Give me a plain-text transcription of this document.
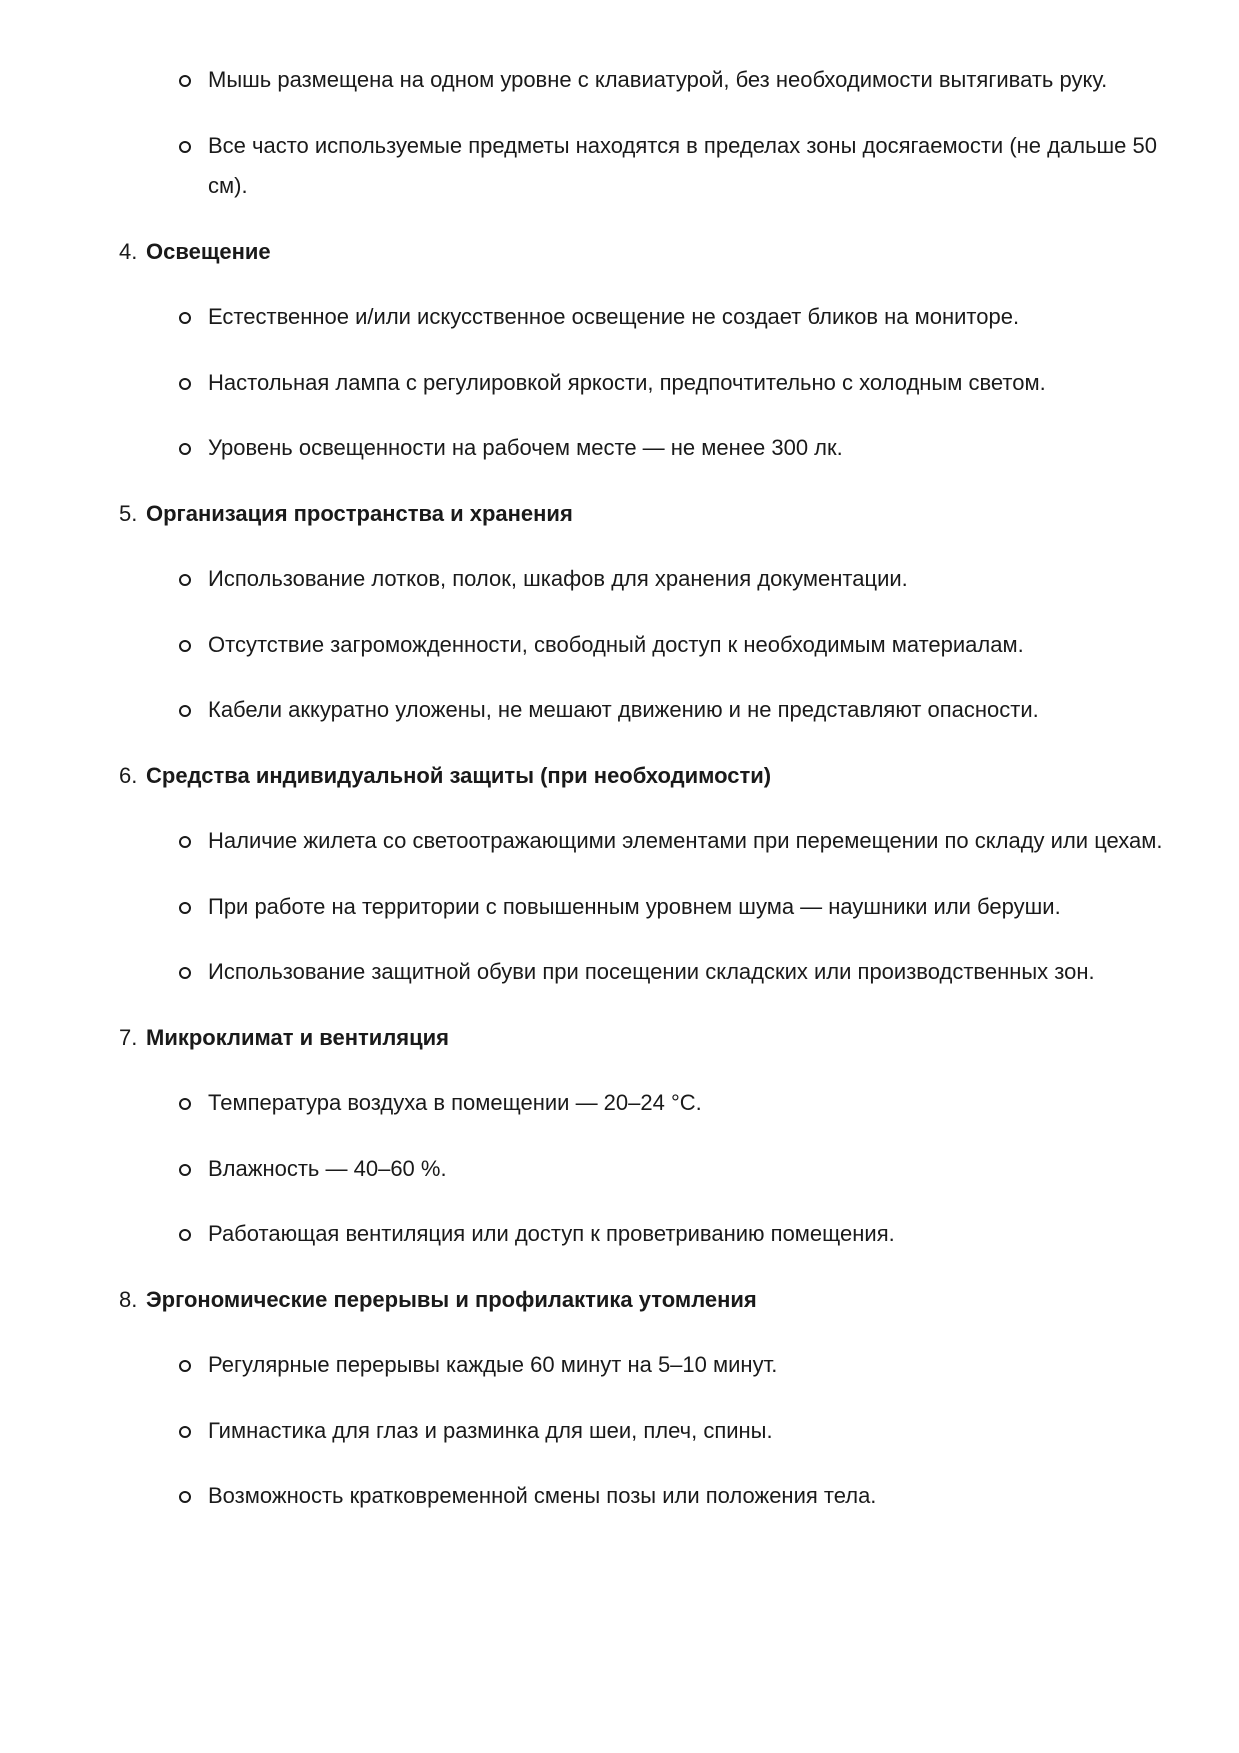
Мышь размещена на одном уровне с клавиатурой, без необходимости вытягивать руку.
Все часто используемые предметы находятся в пределах зоны досягаемости (не дальше 50 см).
4. Освещение
Естественное и/или искусственное освещение не создает бликов на мониторе.
Настольная лампа с регулировкой яркости, предпочтительно с холодным светом.
Уровень освещенности на рабочем месте — не менее 300 лк.
5. Организация пространства и хранения
Использование лотков, полок, шкафов для хранения документации.
Отсутствие загроможденности, свободный доступ к необходимым материалам.
Кабели аккуратно уложены, не мешают движению и не представляют опасности.
6. Средства индивидуальной защиты (при необходимости)
Наличие жилета со светоотражающими элементами при перемещении по складу или цехам.
При работе на территории с повышенным уровнем шума — наушники или беруши.
Использование защитной обуви при посещении складских или производственных зон.
7. Микроклимат и вентиляция
Температура воздуха в помещении — 20–24 °C.
Влажность — 40–60 %.
Работающая вентиляция или доступ к проветриванию помещения.
8. Эргономические перерывы и профилактика утомления
Регулярные перерывы каждые 60 минут на 5–10 минут.
Гимнастика для глаз и разминка для шеи, плеч, спины.
Возможность кратковременной смены позы или положения тела.
